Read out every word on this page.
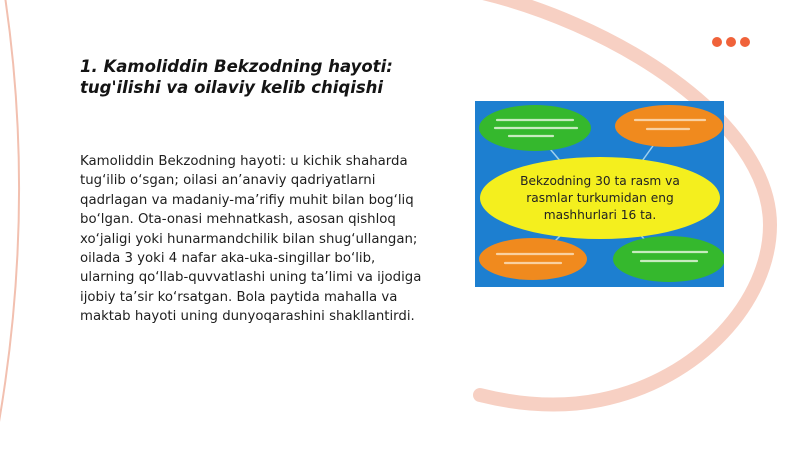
1. Kamoliddin Bekzodning hayoti: tug'ilishi va oilaviy kelib chiqishi

Kamoliddin Bekzodning hayoti: u kichik shaharda tug‘ilib o‘sgan; oilasi an’anaviy qadriyatlarni qadrlagan va madaniy-ma’rifiy muhit bilan bog‘liq bo‘lgan. Ota-onasi mehnatkash, asosan qishloq xo‘jaligi yoki hunarmandchilik bilan shug‘ullangan; oilada 3 yoki 4 nafar aka-uka-singillar bo‘lib, ularning qo‘llab-quvvatlashi uning ta’limi va ijodiga ijobiy ta’sir ko‘rsatgan. Bola paytida mahalla va maktab hayoti uning dunyoqarashini shakllantirdi.

Bekzodning 30 ta rasm va rasmlar turkumidan eng mashhurlari 16 ta.
